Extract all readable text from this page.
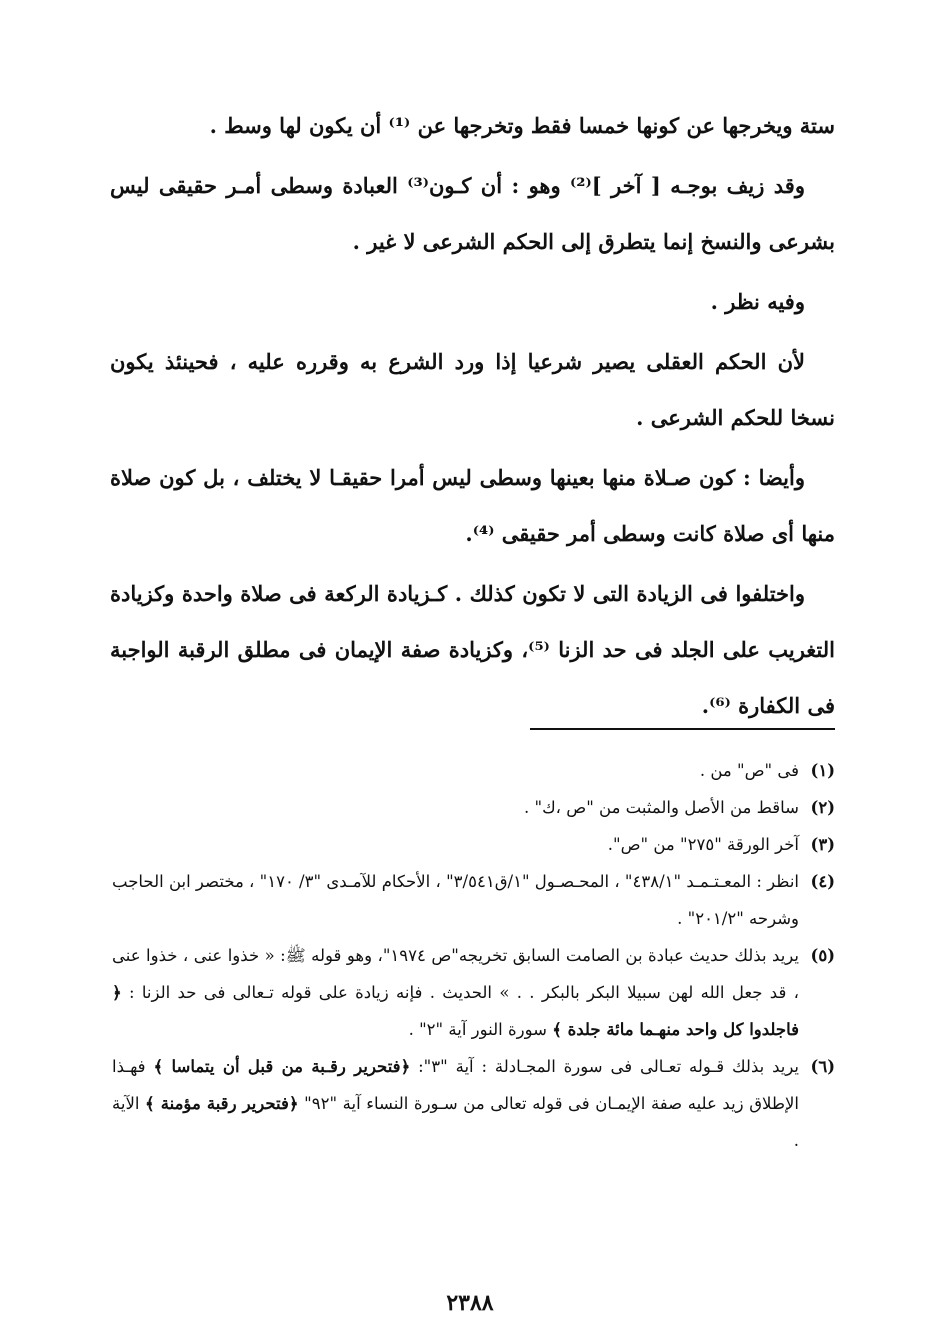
ستة ويخرجها عن كونها خمسا فقط وتخرجها عن ⁽¹⁾ أن يكون لها وسط .

وقد زيف بوجـه [ آخر ]⁽²⁾ وهو : أن كـون⁽³⁾ العبادة وسطى أمـر حقيقى ليس بشرعى والنسخ إنما يتطرق إلى الحكم الشرعى لا غير .

وفيه نظر .

لأن الحكم العقلى يصير شرعيا إذا ورد الشرع به وقرره عليه ، فحينئذ يكون نسخا للحكم الشرعى .

وأيضا : كون صـلاة منها بعينها وسطى ليس أمرا حقيقـا لا يختلف ، بل كون صلاة منها أى صلاة كانت وسطى أمر حقيقى ⁽⁴⁾.

واختلفوا فى الزيادة التى لا تكون كذلك . كـزيادة الركعة فى صلاة واحدة وكزيادة التغريب على الجلد فى حد الزنا ⁽⁵⁾، وكزيادة صفة الإيمان فى مطلق الرقبة الواجبة فى الكفارة ⁽⁶⁾.

(١)
فى "ص" من .
(٢)
ساقط من الأصل والمثبت من "ص ،ك" .
(٣)
آخر الورقة "٢٧٥" من "ص".
(٤)
انظر : المعـتـمـد "٤٣٨/١" ، المحـصـول "١/ق٣/٥٤١" ، الأحكام للآمـدى "٣/ ١٧٠" ، مختصر ابن الحاجب وشرحه "٢٠١/٢" .
(٥)
يريد بذلك حديث عبادة بن الصامت السابق تخريجه"ص ١٩٧٤"، وهو قوله ﷺ: « خذوا عنى ، خذوا عنى ، قد جعل الله لهن سبيلا البكر بالبكر . . » الحديث . فإنه زيادة على قوله تـعالى فى حد الزنا : ﴿ فاجلدوا كل واحد منهـما مائة جلدة ﴾ سورة النور آية "٢" .
(٦)
يريد بذلك قـوله تعـالى فى سورة المجـادلة : آية "٣": ﴿فتحرير رقـبة من قبل أن يتماسا ﴾ فهـذا الإطلاق زيد عليه صفة الإيمـان فى قوله تعالى من سـورة النساء آية "٩٢" ﴿فتحرير رقبة مؤمنة ﴾ الآية .
٢٣٨٨
